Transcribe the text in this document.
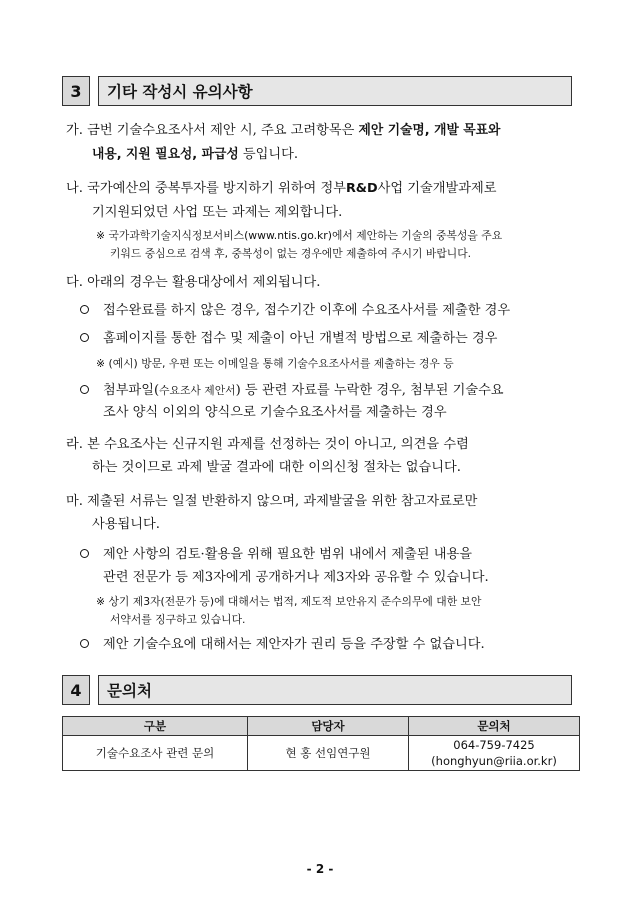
3	기타 작성시 유의사항
가. 금번 기술수요조사서 제안 시, 주요 고려항목은 제안 기술명, 개발 목표와
내용, 지원 필요성, 파급성 등입니다.
나. 국가예산의 중복투자를 방지하기 위하여 정부R&D사업 기술개발과제로
기지원되었던 사업 또는 과제는 제외합니다.
※ 국가과학기술지식정보서비스(www.ntis.go.kr)에서 제안하는 기술의 중복성을 주요
키워드 중심으로 검색 후, 중복성이 없는 경우에만 제출하여 주시기 바랍니다.
다. 아래의 경우는 활용대상에서 제외됩니다.
접수완료를 하지 않은 경우, 접수기간 이후에 수요조사서를 제출한 경우
홈페이지를 통한 접수 및 제출이 아닌 개별적 방법으로 제출하는 경우
※ (예시) 방문, 우편 또는 이메일을 통해 기술수요조사서를 제출하는 경우 등
첨부파일(수요조사 제안서) 등 관련 자료를 누락한 경우, 첨부된 기술수요
조사 양식 이외의 양식으로 기술수요조사서를 제출하는 경우
라. 본 수요조사는 신규지원 과제를 선정하는 것이 아니고, 의견을 수렴
하는 것이므로 과제 발굴 결과에 대한 이의신청 절차는 없습니다.
마. 제출된 서류는 일절 반환하지 않으며, 과제발굴을 위한 참고자료로만
사용됩니다.
제안 사항의 검토·활용을 위해 필요한 범위 내에서 제출된 내용을
관련 전문가 등 제3자에게 공개하거나 제3자와 공유할 수 있습니다.
※ 상기 제3자(전문가 등)에 대해서는 법적, 제도적 보안유지 준수의무에 대한 보안
서약서를 징구하고 있습니다.
제안 기술수요에 대해서는 제안자가 권리 등을 주장할 수 없습니다.
4	문의처
구분	담당자	문의처
기술수요조사 관련 문의	현 홍 선임연구원	064-759-7425
(honghyun@riia.or.kr)
- 2 -
